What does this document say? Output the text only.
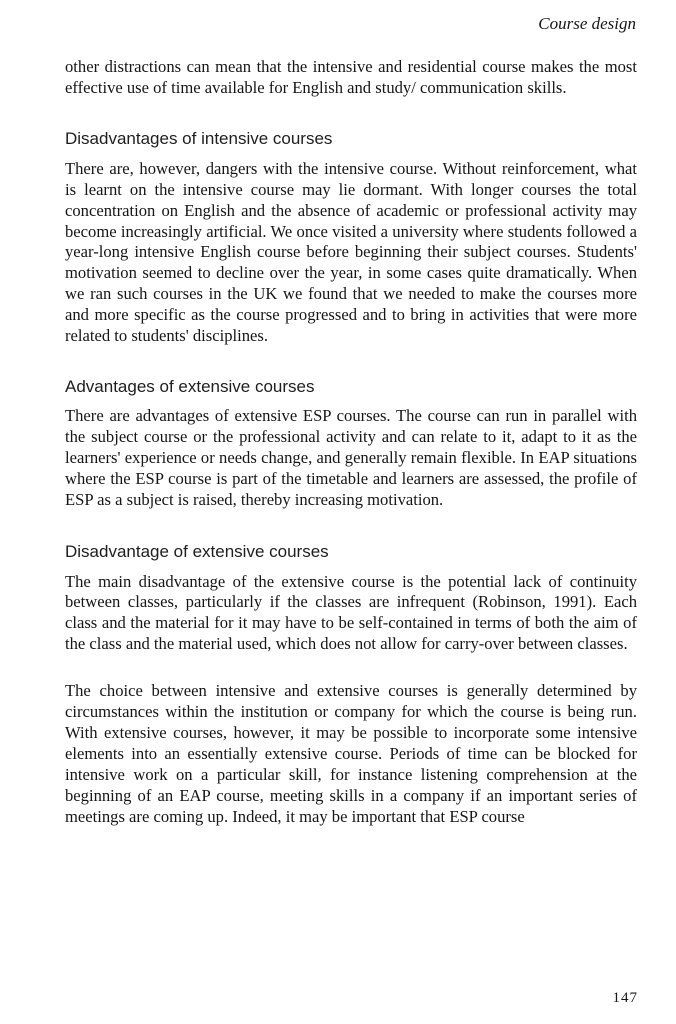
Course design

other distractions can mean that the intensive and residential course makes the most effective use of time available for English and study/ communication skills.

Disadvantages of intensive courses

There are, however, dangers with the intensive course. Without reinforcement, what is learnt on the intensive course may lie dormant. With longer courses the total concentration on English and the absence of academic or professional activity may become increasingly artificial. We once visited a university where students followed a year-long intensive English course before beginning their subject courses. Students' motivation seemed to decline over the year, in some cases quite dramatically. When we ran such courses in the UK we found that we needed to make the courses more and more specific as the course progressed and to bring in activities that were more related to students' disciplines.

Advantages of extensive courses

There are advantages of extensive ESP courses. The course can run in parallel with the subject course or the professional activity and can relate to it, adapt to it as the learners' experience or needs change, and generally remain flexible. In EAP situations where the ESP course is part of the timetable and learners are assessed, the profile of ESP as a subject is raised, thereby increasing motivation.

Disadvantage of extensive courses

The main disadvantage of the extensive course is the potential lack of continuity between classes, particularly if the classes are infrequent (Robinson, 1991). Each class and the material for it may have to be self-contained in terms of both the aim of the class and the material used, which does not allow for carry-over between classes.

The choice between intensive and extensive courses is generally determined by circumstances within the institution or company for which the course is being run. With extensive courses, however, it may be possible to incorporate some intensive elements into an essentially extensive course. Periods of time can be blocked for intensive work on a particular skill, for instance listening comprehension at the beginning of an EAP course, meeting skills in a company if an important series of meetings are coming up. Indeed, it may be important that ESP course

147
